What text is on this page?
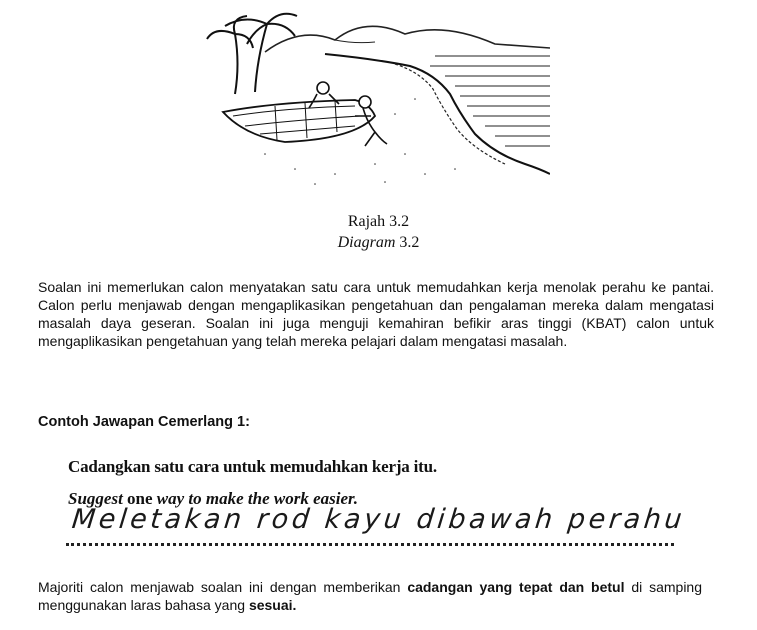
Rajah 3.2
Diagram 3.2
Soalan ini memerlukan calon menyatakan satu cara untuk memudahkan kerja menolak perahu ke pantai. Calon perlu menjawab dengan mengaplikasikan pengetahuan dan pengalaman mereka dalam mengatasi masalah daya geseran. Soalan ini juga menguji kemahiran befikir aras tinggi (KBAT) calon untuk mengaplikasikan pengetahuan yang telah mereka pelajari dalam mengatasi masalah.
Contoh Jawapan Cemerlang 1:
Cadangkan satu cara untuk memudahkan kerja itu.
Suggest one way to make the work easier.
Meletakan rod kayu dibawah perahu
Majoriti calon menjawab soalan ini dengan memberikan cadangan yang tepat dan betul di samping menggunakan laras bahasa yang sesuai.
